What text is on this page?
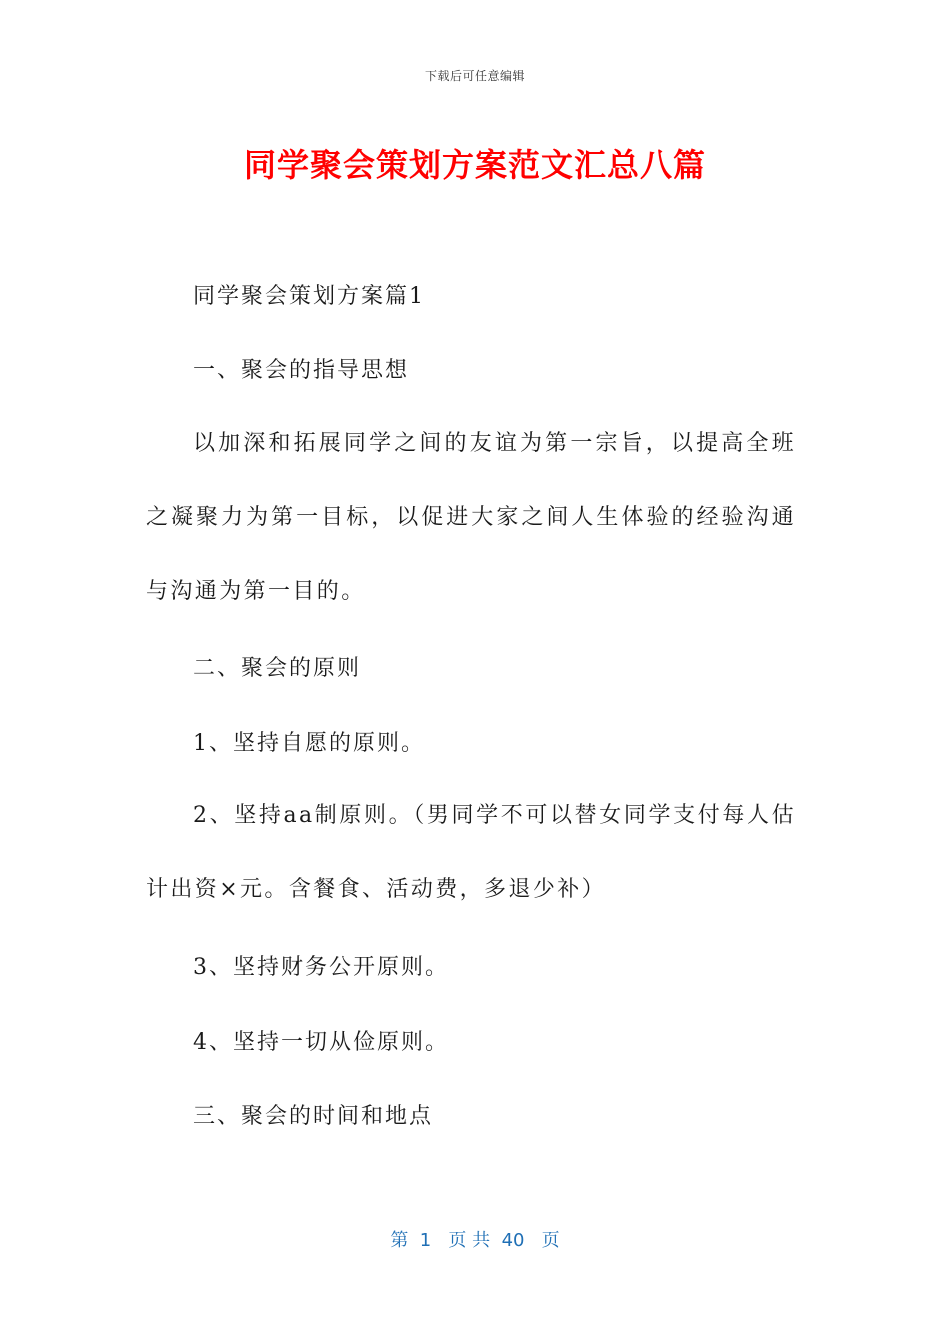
下载后可任意编辑
同学聚会策划方案范文汇总八篇

同学聚会策划方案篇1

一、聚会的指导思想

以加深和拓展同学之间的友谊为第一宗旨，以提高全班之凝聚力为第一目标，以促进大家之间人生体验的经验沟通与沟通为第一目的。

二、聚会的原则

1、坚持自愿的原则。

2、坚持aa制原则。（男同学不可以替女同学支付每人估计出资×元。含餐食、活动费，多退少补）

3、坚持财务公开原则。

4、坚持一切从俭原则。

三、聚会的时间和地点

第  1   页 共  40   页
